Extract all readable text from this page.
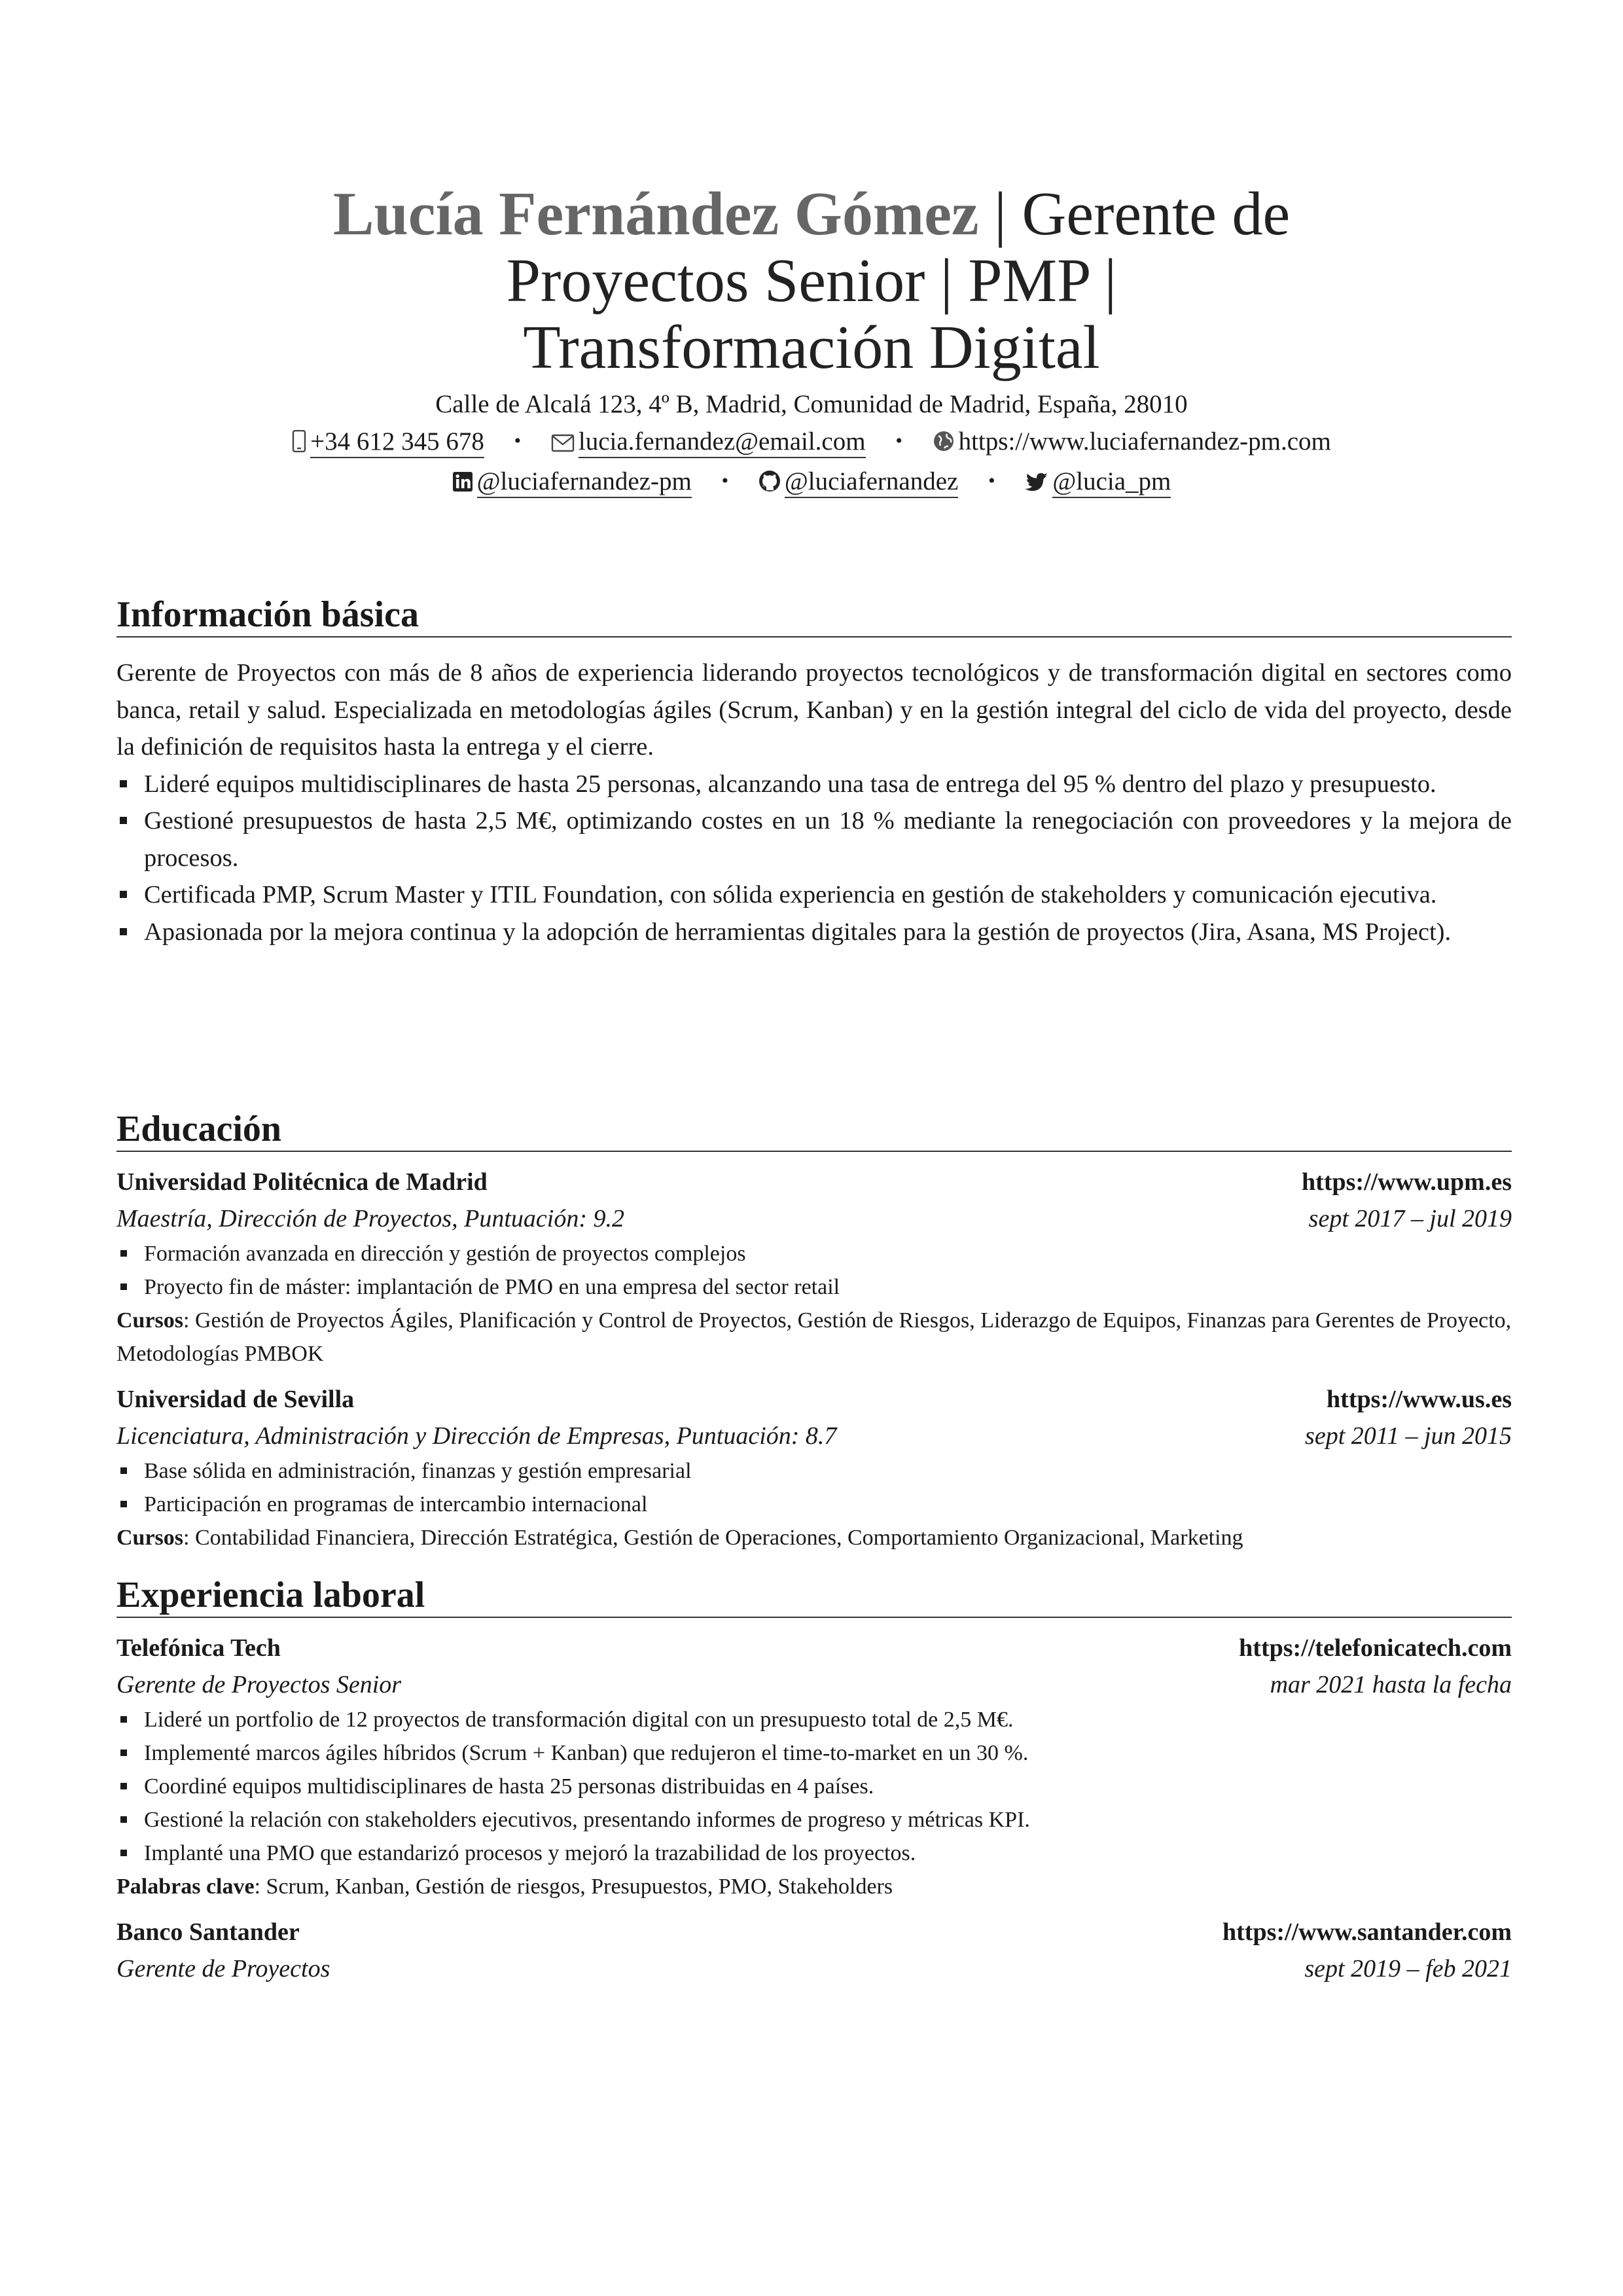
Lucía Fernández Gómez | Gerente de
Proyectos Senior | PMP |
Transformación Digital
Calle de Alcalá 123, 4º B, Madrid, Comunidad de Madrid, España, 28010
+34 612 345 678 • lucia.fernandez@email.com • https://www.luciafernandez-pm.com
@luciafernandez-pm • @luciafernandez • @lucia_pm
Información básica
Gerente de Proyectos con más de 8 años de experiencia liderando proyectos tecnológicos y de transformación digital en sectores como banca, retail y salud. Especializada en metodologías ágiles (Scrum, Kanban) y en la gestión integral del ciclo de vida del proyecto, desde la definición de requisitos hasta la entrega y el cierre.
Lideré equipos multidisciplinares de hasta 25 personas, alcanzando una tasa de entrega del 95 % dentro del plazo y presupuesto.
Gestioné presupuestos de hasta 2,5 M€, optimizando costes en un 18 % mediante la renegociación con proveedores y la mejora de procesos.
Certificada PMP, Scrum Master y ITIL Foundation, con sólida experiencia en gestión de stakeholders y comunicación ejecutiva.
Apasionada por la mejora continua y la adopción de herramientas digitales para la gestión de proyectos (Jira, Asana, MS Project).
Educación
Universidad Politécnica de Madrid	https://www.upm.es
Maestría, Dirección de Proyectos, Puntuación: 9.2	sept 2017 – jul 2019
Formación avanzada en dirección y gestión de proyectos complejos
Proyecto fin de máster: implantación de PMO en una empresa del sector retail
Cursos: Gestión de Proyectos Ágiles, Planificación y Control de Proyectos, Gestión de Riesgos, Liderazgo de Equipos, Finanzas para Gerentes de Proyecto, Metodologías PMBOK
Universidad de Sevilla	https://www.us.es
Licenciatura, Administración y Dirección de Empresas, Puntuación: 8.7	sept 2011 – jun 2015
Base sólida en administración, finanzas y gestión empresarial
Participación en programas de intercambio internacional
Cursos: Contabilidad Financiera, Dirección Estratégica, Gestión de Operaciones, Comportamiento Organizacional, Marketing
Experiencia laboral
Telefónica Tech	https://telefonicatech.com
Gerente de Proyectos Senior	mar 2021 hasta la fecha
Lideré un portfolio de 12 proyectos de transformación digital con un presupuesto total de 2,5 M€.
Implementé marcos ágiles híbridos (Scrum + Kanban) que redujeron el time-to-market en un 30 %.
Coordiné equipos multidisciplinares de hasta 25 personas distribuidas en 4 países.
Gestioné la relación con stakeholders ejecutivos, presentando informes de progreso y métricas KPI.
Implanté una PMO que estandarizó procesos y mejoró la trazabilidad de los proyectos.
Palabras clave: Scrum, Kanban, Gestión de riesgos, Presupuestos, PMO, Stakeholders
Banco Santander	https://www.santander.com
Gerente de Proyectos	sept 2019 – feb 2021
